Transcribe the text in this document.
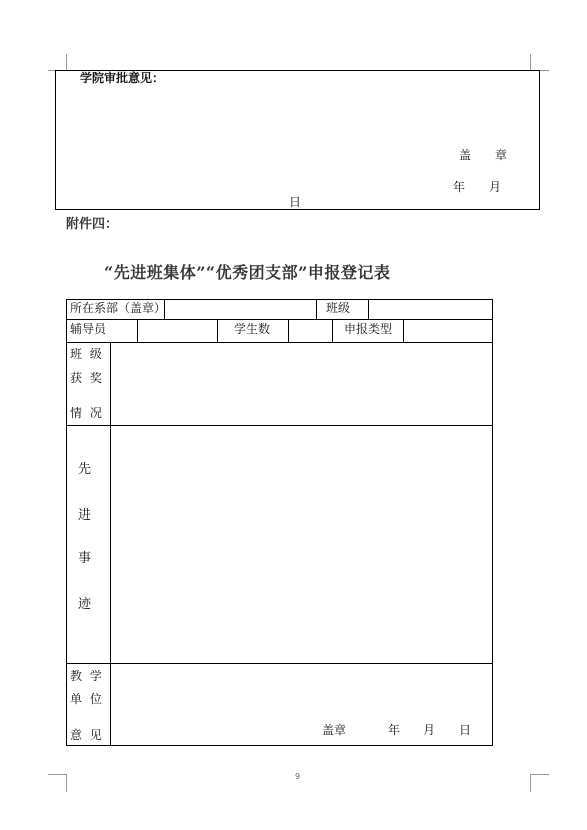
学院审批意见：
盖　　章
年　　月
日
附件四：
“先进班集体”“优秀团支部”申报登记表
所在系部（盖章）	班级
辅导员	学生数	申报类型
班 级
获 奖
情 况
先
进
事
迹
教 学
单 位
意 见	盖章	年 月 日
9
